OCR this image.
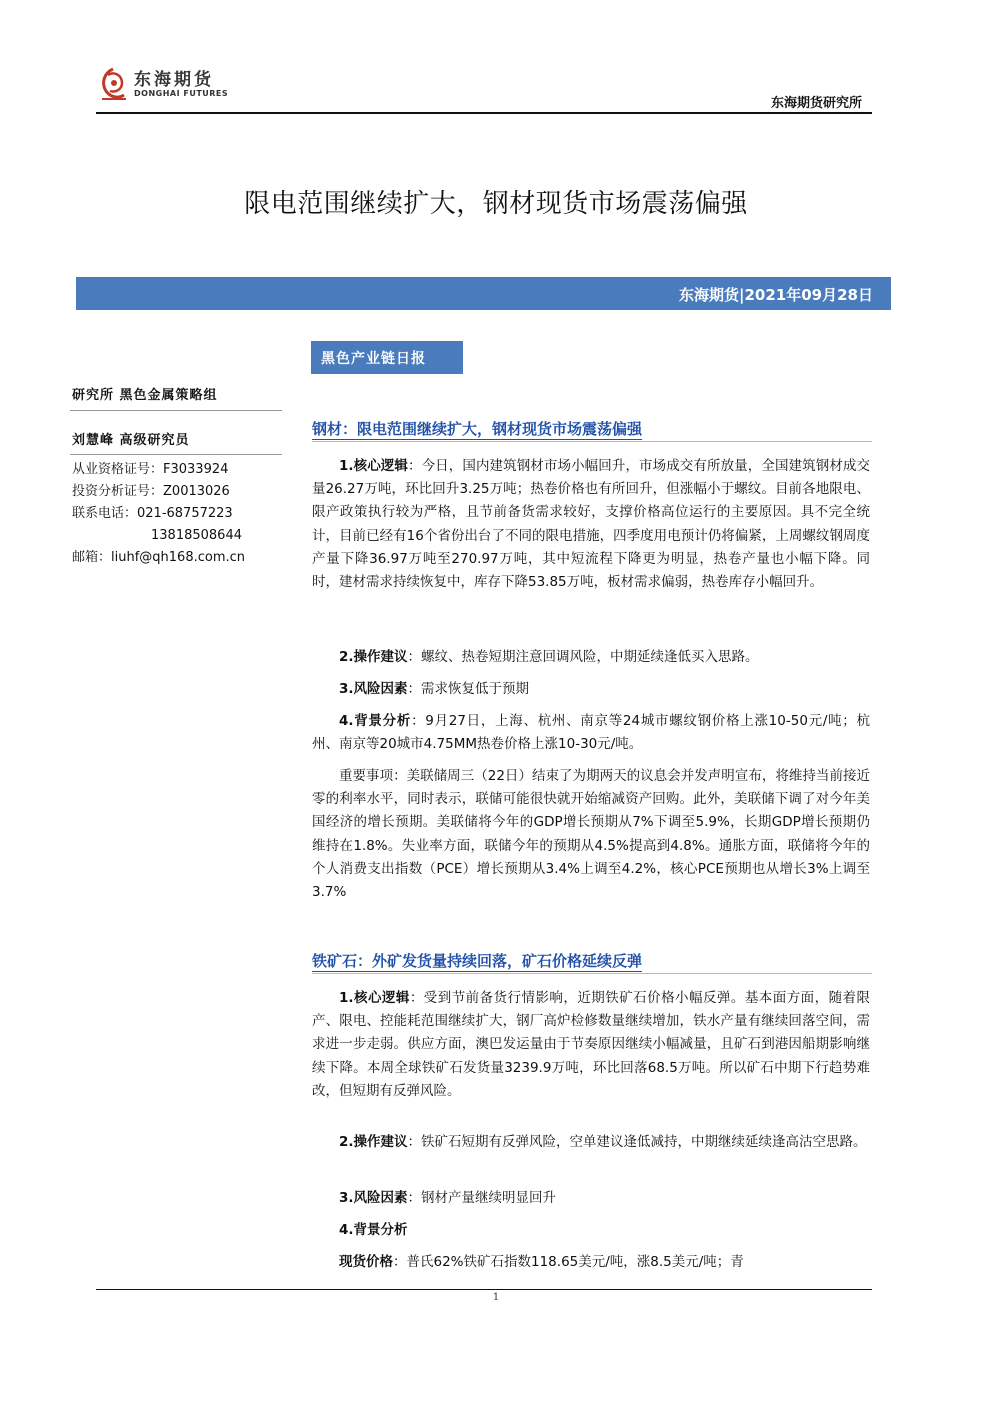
东海期货
DONGHAI FUTURES
东海期货研究所
限电范围继续扩大，钢材现货市场震荡偏强
东海期货|2021年09月28日
黑色产业链日报
研究所 黑色金属策略组
刘慧峰 高级研究员
从业资格证号：F3033924
投资分析证号：Z0013026
联系电话：021-68757223
13818508644
邮箱：liuhf@qh168.com.cn
钢材：限电范围继续扩大，钢材现货市场震荡偏强
1.核心逻辑：今日，国内建筑钢材市场小幅回升，市场成交有所放量，全国建筑钢材成交量26.27万吨，环比回升3.25万吨；热卷价格也有所回升，但涨幅小于螺纹。目前各地限电、限产政策执行较为严格，且节前备货需求较好，支撑价格高位运行的主要原因。具不完全统计，目前已经有16个省份出台了不同的限电措施，四季度用电预计仍将偏紧，上周螺纹钢周度产量下降36.97万吨至270.97万吨，其中短流程下降更为明显，热卷产量也小幅下降。同时，建材需求持续恢复中，库存下降53.85万吨，板材需求偏弱，热卷库存小幅回升。
2.操作建议：螺纹、热卷短期注意回调风险，中期延续逢低买入思路。
3.风险因素：需求恢复低于预期
4.背景分析：9月27日，上海、杭州、南京等24城市螺纹钢价格上涨10-50元/吨；杭州、南京等20城市4.75MM热卷价格上涨10-30元/吨。
重要事项：美联储周三（22日）结束了为期两天的议息会并发声明宣布，将维持当前接近零的利率水平，同时表示，联储可能很快就开始缩减资产回购。此外，美联储下调了对今年美国经济的增长预期。美联储将今年的GDP增长预期从7%下调至5.9%，长期GDP增长预期仍维持在1.8%。失业率方面，联储今年的预期从4.5%提高到4.8%。通胀方面，联储将今年的个人消费支出指数（PCE）增长预期从3.4%上调至4.2%，核心PCE预期也从增长3%上调至3.7%
铁矿石：外矿发货量持续回落，矿石价格延续反弹
1.核心逻辑：受到节前备货行情影响，近期铁矿石价格小幅反弹。基本面方面，随着限产、限电、控能耗范围继续扩大，钢厂高炉检修数量继续增加，铁水产量有继续回落空间，需求进一步走弱。供应方面，澳巴发运量由于节奏原因继续小幅减量，且矿石到港因船期影响继续下降。本周全球铁矿石发货量3239.9万吨，环比回落68.5万吨。所以矿石中期下行趋势难改，但短期有反弹风险。
2.操作建议：铁矿石短期有反弹风险，空单建议逢低减持，中期继续延续逢高沽空思路。
3.风险因素：钢材产量继续明显回升
4.背景分析
现货价格：普氏62%铁矿石指数118.65美元/吨，涨8.5美元/吨；青
1
